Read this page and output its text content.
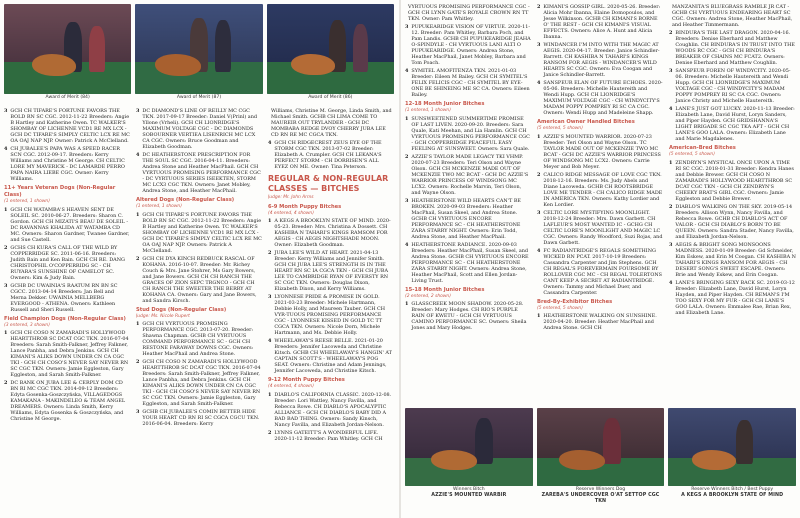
Award of Merit (84)	Award of Merit (87)	Award of Merit (86)
3 GCH CH TIFARE'S FORTUNE FAVORS THE BOLD RN SC CGC. 2012-11-22 Breeders: Angie B Hartley and Katherine Owen. TC WALKER'S SHOMBAY OF LICHENNE VCD1 RE MX LCX - GCH DC TIFARE'S SIMPLY CELTIC LCX RE MC OA OAJ NAP NJP. Owner: Patrick A McClelland.
4 CH JUBALEE'S PAPA WAS A SPEED RACER SCN CGC. 2012-09-17. Breeders: Kerry Williams and Christine M George. CH CELTIC LORE MY MAVERICK - DC LAMARDE PERRO PAPA NAIRA LIEBE CGC. Owner: Kerry Williams.
11+ Years Veteran Dogs (Non-Regular Class)
(1 entered, 1 shown)
1 GCH CH WATAMBA'S HEAVEN SENT DE SOLEIL SC. 2010-06-27. Breeders: Sharon C. Gordon. GCH CH MIZATI'S BEAU DE SOLEIL - DC RAVANNAS KHALIDA AT WATAMBA CD MC. Owners: Sharon Gardner, Twanee Gardner, and Sue Castell.
2 GCHS CH KURA'S CALL OF THE WILD BY COPPERRIDGE SC. 2011-06-16. Breeders: Judith Bain and Ken Bain. GCH CH RE. DANG CHRISTOPHIL O'COPPERRIDG SC - CH RUYARA'S SUNSHINE OF CAMELOT SC. Owners: Kim & Judy Bain.
3 GCHB DC UWAINIA'S RAATUM RN BN SC CGCC. 2013-04-14 Breeders: Jan Bell and Merna Dekker. UWAINIA MELLBERG EVERGOOD - ATHENA. Owners: Kathleen Russell and Sheri Russell.
Field Champion Dogs (Non-Regular Class)
(3 entered, 3 shown)
1 GCH CH COSO N ZAMARADI'S HOLLYWOOD HEARTTHROB SC DCAT CGC TKN. 2016-07-04 Breeders: Sarah Smith-Falkner, Jeffrey Falkner, Lance Panbha, and Debra Jenkins. GCH CH KIMANI'S ALIKS DOWN UNDER CN CA CGC TKI - GCH CH COSO'S NEVER SAY NEVER RN SC CGC TKN. Owners: Jamie Eggleston, Gary Eggleston, and Sarah Smith-Falkner.
2 DC BANK ON JUBA LEE & CERPLY DOM CD BN RI MC CGC TKN. 2014-09-12 Breeders: Edyta Gosenka-Goszczyńska, VILLAGEDOGS KAMAKANA - MAKINDELEO & TEAM ANGEL DREAMERS. Owners: Linda Smith, Kerry Williams, Edyta Gosenka & Goszczyńska, and Christine M George.
3 DC DIAMOND'S LINE OF REILLY MC CGC TKN. 2017-09-17 Breeder: Daniel V(Prinl) and Yllone (Vrheli). GCH CH LIONRIDGE'S MAXIMUM VOLTAGE CGC - DC DIAMONDS SOBOURNER VERTIEA LISENRICH MC LCX CA CGC. Owners: Bruce Goodman and Elizabeth Goodman.
4 DC HEATHERSTONE PRESCRIPTION FOR THE SOUL SC CGC. 2016-04-11. Breeders: Andrea Stone and Heather MacPhail. GCH CH VYRTUOUS PROMISING PERFORMANCE CGC - DC VYRTUOUS SERIES ISEEKTEN, STORM MC LCX3 CGC TKN. Owners: Janet Mobley, Andrea Stone, and Heather MacPhail.
Altered Dogs (Non-Regular Class)
(1 entered, 1 shown)
1 GCH CH TIFARE'S FORTUNE FAVORS THE BOLD RN SC CGC. 2012-11-22 Breeders: Angie B Hartley and Katherine Owen. TC WALKER'S SHOMBAY OF LICHENNE VCD1 RE MX LCX - GCH DC TIFARE'S SIMPLY CELTIC LCX RE MC OA OAJ NAP NJP. Owners: Patrick A McClelland.
2 GCH CH DYA KINCH REDBUCK RASCAL OF KOHANA. 2016-10-07. Breeder: Mr. Richey Couch & Mrs. Jane Stohrer, Ms Gary Bowers, and Jane Bowers. GCH CH CH RANCH THE GRACES OF ZION SEPC TRGNCO - GCH CH CH RANCH THE SWEETER THE BERRY AT KOHANA CA. Owners: Gary and Jane Bowers, and Sandra Kirsch.
Stud Dogs (Non-Regular Class)
Judge: Ms. Nicole Rupert
1 GCH CH VYRTUOUS PROMISING PERFORMANCE CGC. 2013-07-20. Breeder: Shawna Chapman. GCHB CH VYRTUOUS COMMAND PERFORMANCE SC - GCH CH RESTONE FARAWAY DOWNS CGC. Owners: Heather MacPhail and Andrea Stone.
2 GCH CH COSO N ZAMARADI'S HOLLYWOOD HEARTTHROB SC DCAT CGC TKN. 2016-07-04 Breeders: Sarah Smith-Falkner, Jeffrey Falkner, Lance Panbha, and Debra Jenkins. GCH CH KIMANI'S ALIKS DOWN UNDER CN CA CGC TKI - GCH CH COSO'S NEVER SAY NEVER RN SC CGC TKN. Owners: Jamie Eggleston, Gary Eggleston, and Sarah Smith-Falkner.
3 GCHB CH JUBALEE'S COMIN BETTER HIDE YOUR HEART CD RN RI SC CGCA CGCU TKN. 2016-06-04. Breeders: Kerry
Williams, Christine M. George, Linda Smith, and Michael Smith. GCHB CH LIMA COME TO MAUREIR OUT TRYLANDER - GCH DC MOMBABA REDGE DVOY CHERRY JUBA LEE CD RN RE MC CGCA TKN.
4 GCH CH RIDGECREST ZEUS EYE OF THE STORM CGC TKN. 2013-07-02 Breeder: Elizabeth A. Crumpler. GCH CH LEKANA'S PERFECT STORM - CH DORRISEN'S ALL EYEZ ON ME. Owner: Tina Peterson.
REGULAR & NON-REGULAR CLASSES — BITCHES
Judge: Mr. John Arms
6-9 Month Puppy Bitches
(4 entered, 4 shown)
1 A KEGS A BROOKLYN STATE OF MIND. 2020-05-23. Breeder: Mrs. Christina A Dossett. CH KASHIBA N TAHARI'S KINGS RAMSOM FOR AEGIS - CH AEGIS NIGHTSHADE MOON. Owner: Elizabeth Goodman.
2 JUBA LEE'S WILD AT HEART. 2021-04-13 Breeder: Kerry Williams and Jennifer Smith. GCH CH JUBA LEE'S STRENGTH IS IN THE HEART RN SC IA CGCA TKN - GCH CH JUBA LEE TO CAMBRIDGE RYAN OF EVERSTY RN SC CGC TKN. Owners: Douglas Dixon, Elizabeth Dixon, and Kerry Williams.
3 LYONNESE PRIDE & PROMISE IN GOLD. 2021-03-23 Breeder: Michele Hartmann, Debbie Holly, and Maureen Tauber. GCH CH VYR-TUOUS PROMISING PERFORMANCE CGC - LYONNESE KISSED IN GOLD TC TT CGCA TKN. Owners: Nicole Dorn, Michele Hartmann, and Ms. Debbie Holly.
4 WHEELAWAY'S REESE BELLE. 2021-01-20 Breeders: Jennifer Lacoweda and Christine Kitsch. GCHB CH WHEELAWAY'S HANGIN' AT CAPTAIN SCOTT'S - WHEELAWAY'S POG SEAT. Owners: Christine and Adam Jennings, Jennifer Lacoweda, and Christine Kitsch.
9-12 Month Puppy Bitches
(4 entered, 4 shown)
1 DIABLO'S CALIFORNIA CLASSIC. 2020-12-08. Breeder: Lori Wattley, Nancy Favilla, and Rebecca Rowe. CH DIABLO'S APOCALYPTIC ALLIANCE - GCH CH DIABLO'S BABY DID A BAD BAD THING. Owners: Sandy Kinsch, Nancy Favilla, and Elizabeth Jordan-Nelson.
2 LYNNS GATEITT'S A WONDERFUL LIFE. 2020-11-12 Breeder: Pam Whitley. GCH CH
VYRTUOUS PROMISING PERFORMANCE CGC - GCH CH LYNN GATE'S ROYALE CROWN RN TT TKN. Owner: Pam Whitley.
3 PUPUKEARIDGE VISION OF VIRTUE. 2020-11-12. Breeder: Pam Whitley, Barbara Poch, and Pam Landis. GCHB CH PUPUKEARIDGE JEAHA O-SPINDYLE - CH VYRTUOUS LANI ALTI O PUPUKEARIDGE. Owners: Andrea Stone, Heather MacPhail, Janet Mobley, Barbara and Tom Poach.
4 SYMITEL AMOFITENZA TKN. 2021-01-03 Breeder: Eileen M Bailey. GCH CH SYMITEL'S FELIX FELICIS CGC - CH SYMITEL BY EYE-ONE BE SHINEING ME SC CA. Owners: Eileen Bailey.
12-18 Month Junior Bitches
(1 entered, 1 shown)
1 SUNSWEETENED SUMMERTIME PROMISE OF LAST LIVEN. 2020-09-20. Breeders: Sara Quale, Kati Meehan, and Lia Hamlin. GCH CH VYRTUOUS PROMISING PERFORMANCE CGC - GCH COPPERRIDGE PEACEFUL EASY FEELING AT SUNSWEET. Owners: Sara Quale.
2 AZZIE'S TAYLOR MADE LEGACY TKI VHMP. 2020-07-23 Breeders: Teri Olson and Wayne Olson. GCH CH MCKENZIE MADE OUT OF MCKENZIE TWO MC BCAT - GCH DC AZZIE'S WARRIOR PRINCESS OF WINDSONG MC LCX2. Owners: Rochelle Marvin, Teri Olson, and Wayne Olson.
3 HEATHERSTONE WILD HEARTS CAN'T BE BROKEN. 2020-09-03 Breeders: Heather MacPhail, Susan Skeel, and Andrea Stone. GCHB CH VYRTUOUS ENCORE PERFORMANCE SC - CH HEATHERSTONE ZARA STARRY NIGHT. Owners: Erin Todd, Andrea Stone, and Heather MacPhail.
4 HEATHERSTONE RADIANCE. 2020-09-03 Breeders: Heather MacPhail, Susan Skeel, and Andrea Stone. GCHB CH VYRTUOUS ENCORE PERFORMANCE SC - CH HEATHERSTONE ZARA STARRY NIGHT. Owners: Andrea Stone, Heather MacPhail, Scott and Ellen Jordan-Living Trust.
15-18 Month Junior Bitches
(2 entered, 2 shown)
1 GLASSCREEK MOON SHADOW. 2020-05-28. Breeder: Mary Hodges. CH RIO'S PURPLE RAIN OF KWETU - GCH CH VYRTUOUS CAMINO PERFORMANCE SC. Owners: Sheila Jones and Mary Hodges.
2 KIMANI'S GOSSIP GIRL. 2020-05-26. Breeder: Alicia Mohr Ibanna, Elaine Domopoulos, and Jesse Wilkinson. GCHB CH KIMANI'S BORNE O' THE REST - GCH CH KIMANI'S VISUAL EFFECTS. Owners: Alice A. Hunt and Alicia Ibanna.
3 WINDANCER I'M INTO WITH THE MAGIC AT AEGIS. 2020-04-17. Breeder: Janice Schindler-Barrett. CH KASHIBA N TAHARI'S KINGS RANSOM FOR AEGIS - WINDANCER'S WILD HEARTS SC CGC. Owners: Eva Coogan and Janice Schindler-Barrett.
4 SANSPEUR ELAN OF FUTURE ECHOES. 2020-05-06. Breeders: Michelle Hautereith and Wendi Hupp. GCH CH LIONRIDGE'S MAXIMUM VOLTAGE CGC - CH WINDYCITY'S MADAM POPPY POMPREY RI SC CA CGC. Owners: Wendi Hupp and Madeleine Shapp.
American Owner Handled Bitches
(5 entered, 5 shown)
1 AZZIE'S MOUNTED WARRIOR. 2020-07-23 Breeder: Teri Olson and Wayne Olson. TC TAYLOR MADE OUT OF MCKENZIE TWO MC BCAT - GCH DC AZZIE'S WARRIOR PRINCESS OF WINDSONG MC LCX2. Owners: Carrie Meyer and Bob Meyer.
2 CALICO RIDGE MESSAGE OF LOVE CGC TKN. 2018-12-16. Breeders: Ms. Judy Abels and Diane Lacoweda. GCHB CH ROOTSBRIDGE LOVE ME TENDER - CH CALICO RIDGE MADE IN AMERICA TKN. Owners: Kathy Lordier and Ken Lordier.
3 CELTIC LORE MYSTIFYING MOONLIGHT. 2018-12-24 Breeder: Mrs. Dawn Garbett. CH LAFLEUR'S MOST WANTED IC - GCHG CH CELTIC LORE'S MOONLIGHT AND MAGIC LC CGC. Owners: Randy Woodford, Suzi Rojas, and Dawn Garbett.
4 FC RADIANTRIDGE'S REGALS SOMETHING WICKED RN PCAT. 2017-10-19 Breeders: Cassandra Carpenter and Jim Stephens. GCH CH REGAL'S FOREVERMAIN FOURSOME BY ROLLOVER CGC MC - CH REGAL TOLERTONS CANT KEEP A SECRET AT RADIANTRIDGE. Owners: Tammy and Michael Duer, and Cassandra Carpenter.
Bred-By-Exhibitor Bitches
(5 entered, 5 shown)
1 HEATHERSTONE WALKING ON SUNSHINE. 2020-04-20. Breeder: Heather MacPhail and Andrea Stone. GCH CH
MANZANITA'S BLUEGRASS RAMBLE JR CAT - GCHB CH VYRTUOUS ENDEARING HEART SC CGC. Owners: Andrea Stone, Heather MacPhail, and Heather Timmermann.
2 BINDURA'S THE LAST DRAGON. 2020-04-16. Breeders: Denise Eberhard and Matthew Coughlin. CH BINDURA'S IN TRUST INTO THE WOODS RC CGC - GCH CH BINDURA'S BREAKER OF CHAINS MC FCAT2. Owners: Denise Eberhard and Matthew Coughlin.
3 SANSPEUR FOREN OF WINDYCITY. 2020-05-06. Breeders: Michelle Hautereith and Wendi Hupp. GCH CH LIONRIDGE'S MAXIMUM VOLTAGE CGC - CH WINDYCITY'S MADAM POPPY POMPREY RI SC CA CGC. Owners: Janice Christy and Michelle Hautereith.
4 LANE'S JUST GOT LUCKY. 2020-11-13 Breeder: Elizabeth Lane, David Hurst, Loryn Sanders, and Piper Hayden. GCH GRIDSHANNA'S LIGHT BRIGADE SC CGC TKA AFT - GCH CH LANE'S GOO LALA. Owners: Elizabeth Lane and Marie Magdalenes.
American-Bred Bitches
(5 entered, 5 shown)
1 ZENDRYN'S MYSTICAL ONCE UPON A TIME RI SC CGC. 2018-01-31 Breeder: Kendra Hanes and Debbie Brewer. GCH CH COSO N ZAMARADI'S HOLLYWOOD HEARTTHROB SC DCAT CGC TKN - GCH CH ZENDRYN'S CHEEKY BRAT'S GIRL CGC. Owners: Jamie Eggleston and Debbie Brewer.
2 DIABLO'S WALKING ON THE SKY. 2019-05-14 Breeders: Allison Wynn, Nancy Favilla, and Rebecca Rowe. GCHB CH DIABLO'S ACT OF VALOR - GCH CH DIABLO'S BORN TO BE QUEEN. Owners: Sandra Stader, Nancy Favilla, and Elizabeth Jordan-Nelson.
3 AEGIS & BRIGHT SONG MONSOONS MADNESS. 2020-01-09 Breeder: Gd Schneider, Kim Eskew, and Erin M Coogan. CH KASHIBA N TAHARI'S KINGS RANSOM FOR AEGIS - CH DESERT SONG'S SWEET ESCAPE. Owners: Brie and Wendy Eskew, and Erin Coogan.
4 LANE'S BRINGING SEXY BACK SC. 2019-03-12 Breeder: Elizabeth Lane, David Hurst, Loryn Hayden, and Piper Hayden. CH REMAN'S I'M TOO SEXY FOR MY FUR - GCH CH LANE'S GOO LALA. Owners: Emmalee Rae, Brian Rex, and Elizabeth Lane.
Winners Bitch
AZZIE'S MOUNTED WARBIR
Reserve Winners Dog
ZAREBA'S UNDERCOVER O'AT SETTOP CGC TKN
Reserve Winners Bitch / Best Puppy
A KEGS A BROOKLYN STATE OF MIND
